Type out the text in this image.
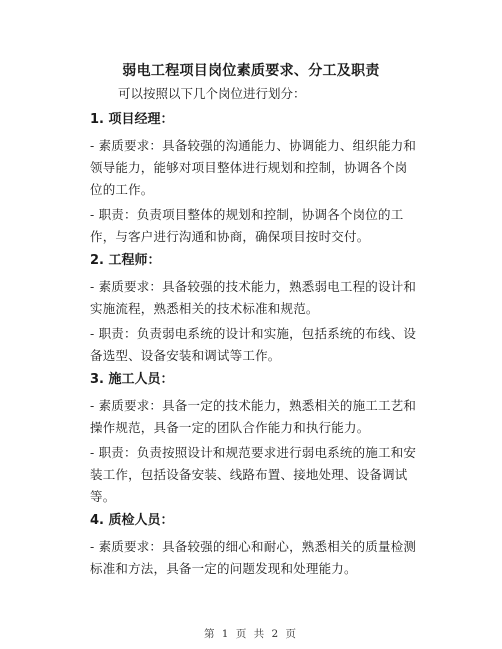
弱电工程项目岗位素质要求、分工及职责
可以按照以下几个岗位进行划分：
1. 项目经理：

- 素质要求：具备较强的沟通能力、协调能力、组织能力和领导能力，能够对项目整体进行规划和控制，协调各个岗位的工作。

- 职责：负责项目整体的规划和控制，协调各个岗位的工作，与客户进行沟通和协商，确保项目按时交付。

2. 工程师：

- 素质要求：具备较强的技术能力，熟悉弱电工程的设计和实施流程，熟悉相关的技术标准和规范。

- 职责：负责弱电系统的设计和实施，包括系统的布线、设备选型、设备安装和调试等工作。

3. 施工人员：

- 素质要求：具备一定的技术能力，熟悉相关的施工工艺和操作规范，具备一定的团队合作能力和执行能力。

- 职责：负责按照设计和规范要求进行弱电系统的施工和安装工作，包括设备安装、线路布置、接地处理、设备调试等。

4. 质检人员：

- 素质要求：具备较强的细心和耐心，熟悉相关的质量检测标准和方法，具备一定的问题发现和处理能力。

第 1 页 共 2 页
